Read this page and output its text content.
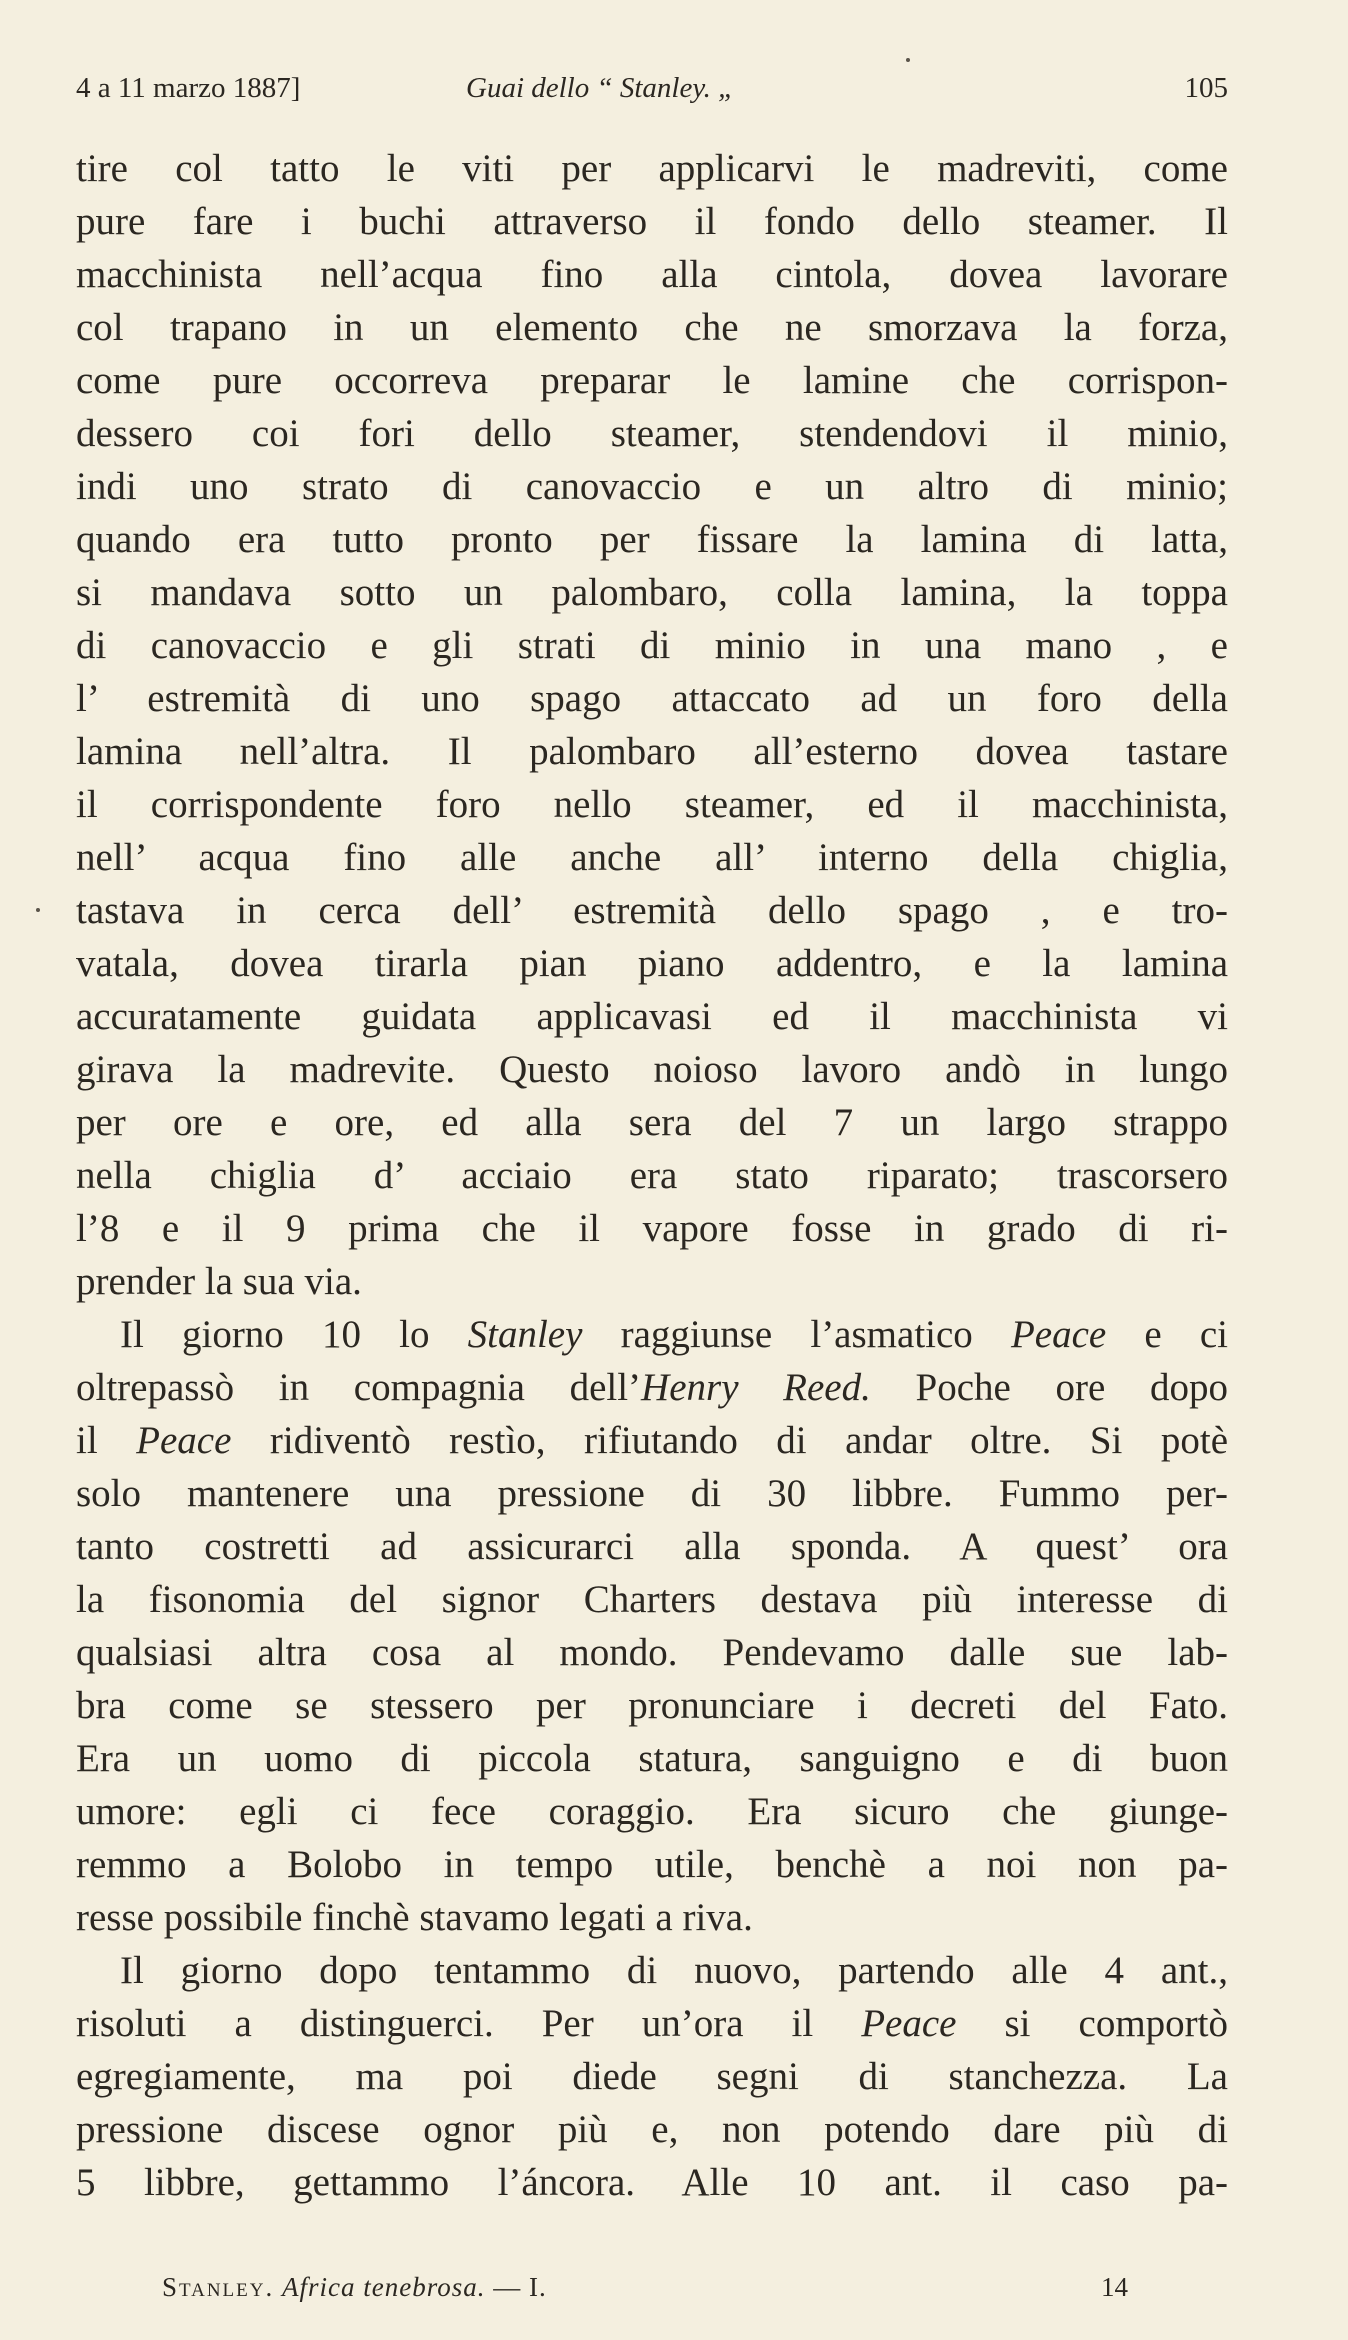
4 a 11 marzo 1887]	Guai dello “ Stanley. „	105
tire col tatto le viti per applicarvi le madreviti, come
pure fare i buchi attraverso il fondo dello steamer. Il
macchinista nell’acqua fino alla cintola, dovea lavorare
col trapano in un elemento che ne smorzava la forza,
come pure occorreva preparar le lamine che corrispon-
dessero coi fori dello steamer, stendendovi il minio,
indi uno strato di canovaccio e un altro di minio;
quando era tutto pronto per fissare la lamina di latta,
si mandava sotto un palombaro, colla lamina, la toppa
di canovaccio e gli strati di minio in una mano , e
l’ estremità di uno spago attaccato ad un foro della
lamina nell’altra. Il palombaro all’esterno dovea tastare
il corrispondente foro nello steamer, ed il macchinista,
nell’ acqua fino alle anche all’ interno della chiglia,
tastava in cerca dell’ estremità dello spago , e tro-
vatala, dovea tirarla pian piano addentro, e la lamina
accuratamente guidata applicavasi ed il macchinista vi
girava la madrevite. Questo noioso lavoro andò in lungo
per ore e ore, ed alla sera del 7 un largo strappo
nella chiglia d’ acciaio era stato riparato; trascorsero
l’8 e il 9 prima che il vapore fosse in grado di ri-
prender la sua via.
Il giorno 10 lo Stanley raggiunse l’asmatico Peace e ci
oltrepassò in compagnia dell’Henry Reed. Poche ore dopo
il Peace ridiventò restìo, rifiutando di andar oltre. Si potè
solo mantenere una pressione di 30 libbre. Fummo per-
tanto costretti ad assicurarci alla sponda. A quest’ ora
la fisonomia del signor Charters destava più interesse di
qualsiasi altra cosa al mondo. Pendevamo dalle sue lab-
bra come se stessero per pronunciare i decreti del Fato.
Era un uomo di piccola statura, sanguigno e di buon
umore: egli ci fece coraggio. Era sicuro che giunge-
remmo a Bolobo in tempo utile, benchè a noi non pa-
resse possibile finchè stavamo legati a riva.
Il giorno dopo tentammo di nuovo, partendo alle 4 ant.,
risoluti a distinguerci. Per un’ora il Peace si comportò
egregiamente, ma poi diede segni di stanchezza. La
pressione discese ognor più e, non potendo dare più di
5 libbre, gettammo l’áncora. Alle 10 ant. il caso pa-
Stanley. Africa tenebrosa. — I.	14
